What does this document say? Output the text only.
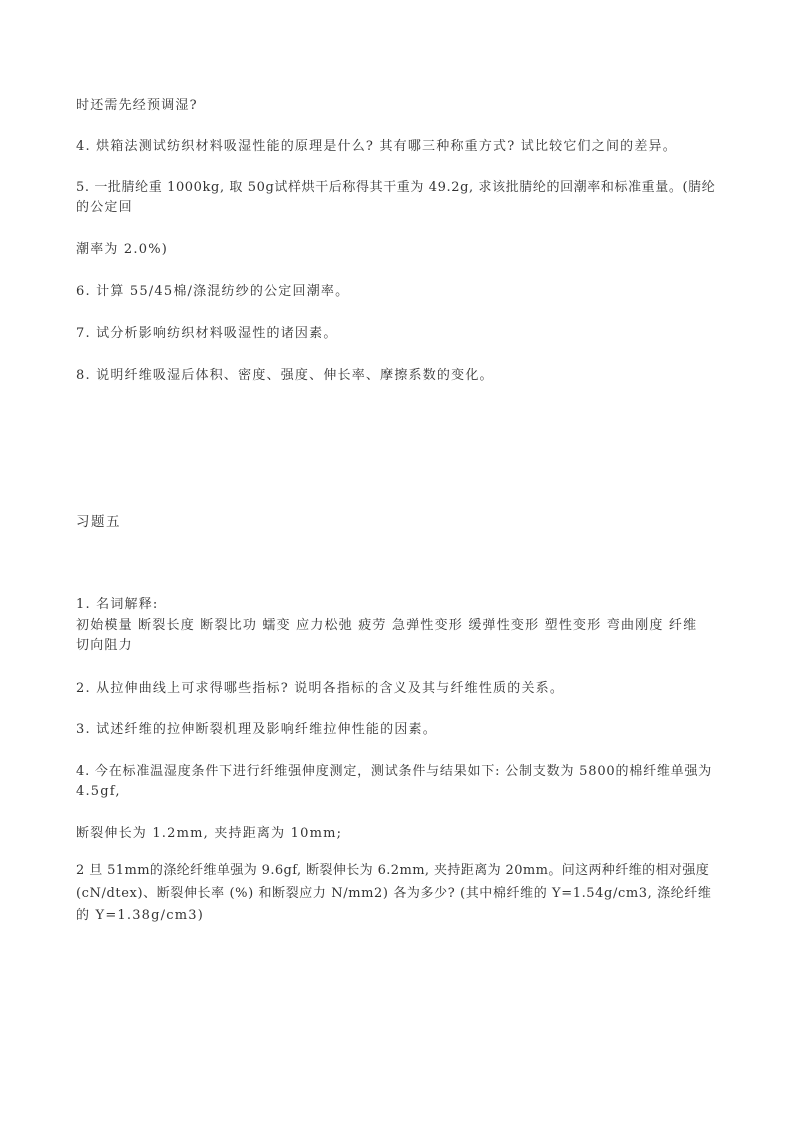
时还需先经预调湿?
4. 烘箱法测试纺织材料吸湿性能的原理是什么? 其有哪三种称重方式? 试比较它们之间的差异。
5. 一批腈纶重 1000kg, 取 50g试样烘干后称得其干重为 49.2g, 求该批腈纶的回潮率和标准重量。(腈纶
的公定回
潮率为 2.0%)
6. 计算 55/45棉/涤混纺纱的公定回潮率。
7. 试分析影响纺织材料吸湿性的诸因素。
8. 说明纤维吸湿后体积、密度、强度、伸长率、摩擦系数的变化。
习题五
1. 名词解释:
初始模量 断裂长度 断裂比功 蠕变 应力松弛 疲劳 急弹性变形 缓弹性变形 塑性变形 弯曲刚度 纤维
切向阻力
2. 从拉伸曲线上可求得哪些指标? 说明各指标的含义及其与纤维性质的关系。
3. 试述纤维的拉伸断裂机理及影响纤维拉伸性能的因素。
4. 今在标准温湿度条件下进行纤维强伸度测定，测试条件与结果如下: 公制支数为 5800的棉纤维单强为
4.5gf,
断裂伸长为 1.2mm, 夹持距离为 10mm;
2 旦 51mm的涤纶纤维单强为 9.6gf, 断裂伸长为 6.2mm, 夹持距离为 20mm。问这两种纤维的相对强度
(cN/dtex)、断裂伸长率 (%) 和断裂应力 N/mm2) 各为多少? (其中棉纤维的 Y=1.54g/cm3, 涤纶纤维
的 Y=1.38g/cm3)
